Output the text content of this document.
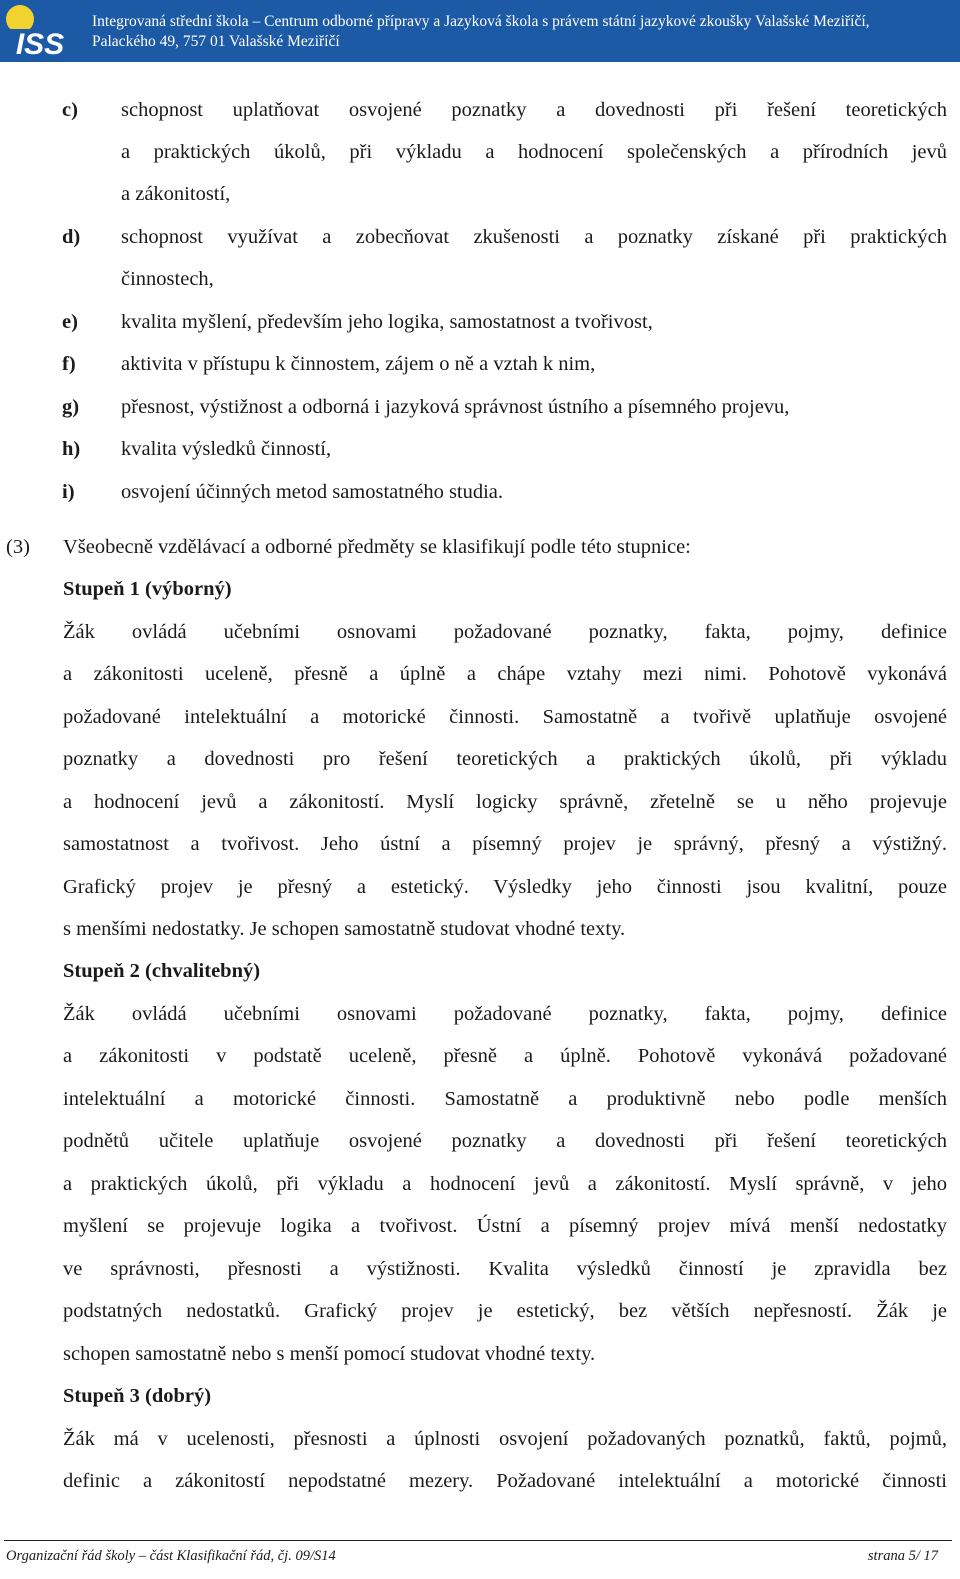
ISS
Integrovaná střední škola – Centrum odborné přípravy a Jazyková škola s právem státní jazykové zkoušky Valašské Meziříčí,
Palackého 49, 757 01 Valašské Meziříčí
c) schopnost uplatňovat osvojené poznatky a dovednosti při řešení teoretických
a praktických úkolů, při výkladu a hodnocení společenských a přírodních jevů
a zákonitostí,
d) schopnost využívat a zobecňovat zkušenosti a poznatky získané při praktických
činnostech,
e) kvalita myšlení, především jeho logika, samostatnost a tvořivost,
f) aktivita v přístupu k činnostem, zájem o ně a vztah k nim,
g) přesnost, výstižnost a odborná i jazyková správnost ústního a písemného projevu,
h) kvalita výsledků činností,
i) osvojení účinných metod samostatného studia.
(3) Všeobecně vzdělávací a odborné předměty se klasifikují podle této stupnice:
Stupeň 1 (výborný)
Žák ovládá učebními osnovami požadované poznatky, fakta, pojmy, definice
a zákonitosti uceleně, přesně a úplně a chápe vztahy mezi nimi. Pohotově vykonává
požadované intelektuální a motorické činnosti. Samostatně a tvořivě uplatňuje osvojené
poznatky a dovednosti pro řešení teoretických a praktických úkolů, při výkladu
a hodnocení jevů a zákonitostí. Myslí logicky správně, zřetelně se u něho projevuje
samostatnost a tvořivost. Jeho ústní a písemný projev je správný, přesný a výstižný.
Grafický projev je přesný a estetický. Výsledky jeho činnosti jsou kvalitní, pouze
s menšími nedostatky. Je schopen samostatně studovat vhodné texty.
Stupeň 2 (chvalitebný)
Žák ovládá učebními osnovami požadované poznatky, fakta, pojmy, definice
a zákonitosti v podstatě uceleně, přesně a úplně. Pohotově vykonává požadované
intelektuální a motorické činnosti. Samostatně a produktivně nebo podle menších
podnětů učitele uplatňuje osvojené poznatky a dovednosti při řešení teoretických
a praktických úkolů, při výkladu a hodnocení jevů a zákonitostí. Myslí správně, v jeho
myšlení se projevuje logika a tvořivost. Ústní a písemný projev mívá menší nedostatky
ve správnosti, přesnosti a výstižnosti. Kvalita výsledků činností je zpravidla bez
podstatných nedostatků. Grafický projev je estetický, bez větších nepřesností. Žák je
schopen samostatně nebo s menší pomocí studovat vhodné texty.
Stupeň 3 (dobrý)
Žák má v ucelenosti, přesnosti a úplnosti osvojení požadovaných poznatků, faktů, pojmů,
definic a zákonitostí nepodstatné mezery. Požadované intelektuální a motorické činnosti
Organizační řád školy – část Klasifikační řád, čj. 09/S14	strana 5/ 17
